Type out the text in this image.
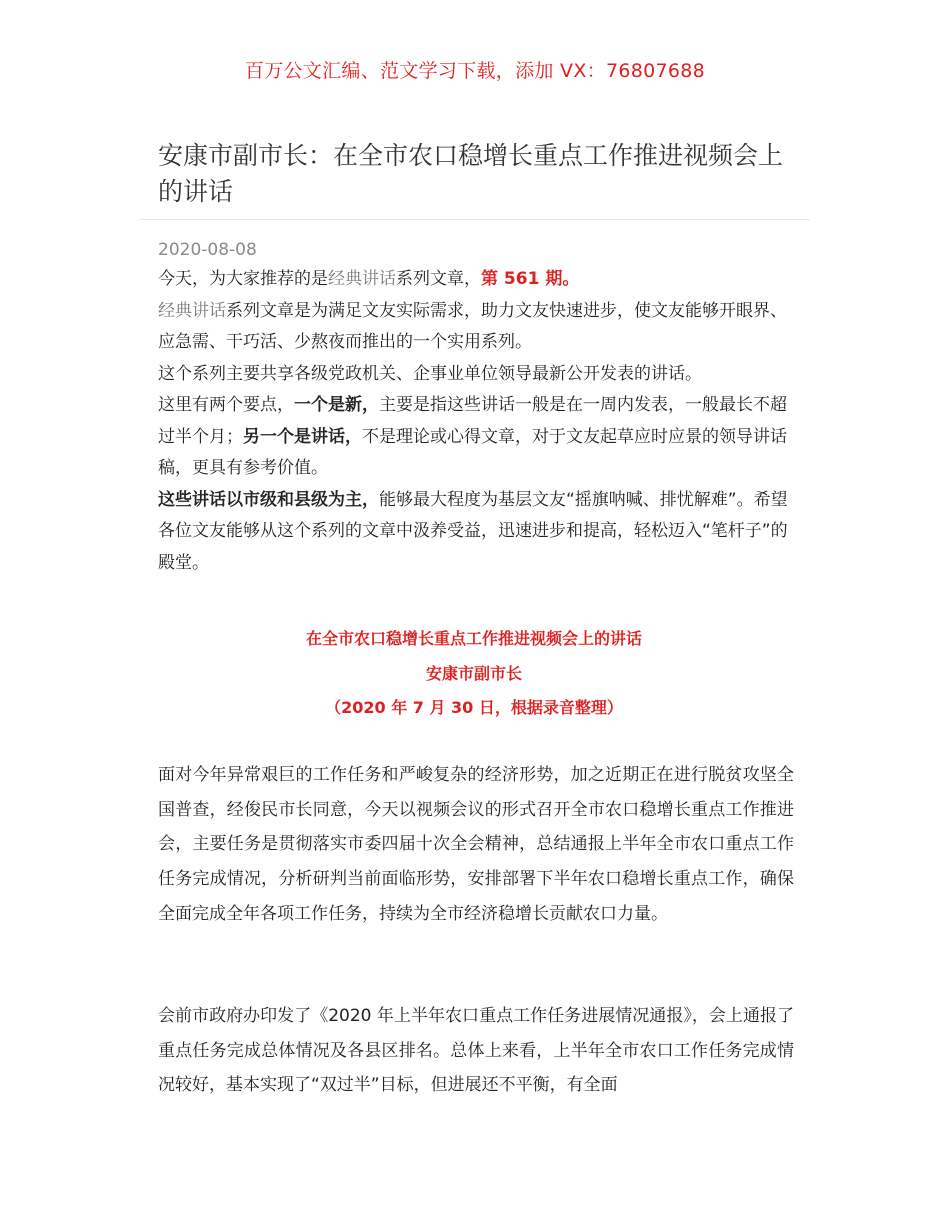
百万公文汇编、范文学习下载，添加 VX：76807688
安康市副市长：在全市农口稳增长重点工作推进视频会上的讲话
2020-08-08

今天，为大家推荐的是经典讲话系列文章，第 561 期。

经典讲话系列文章是为满足文友实际需求，助力文友快速进步，使文友能够开眼界、应急需、干巧活、少熬夜而推出的一个实用系列。

这个系列主要共享各级党政机关、企事业单位领导最新公开发表的讲话。

这里有两个要点，一个是新，主要是指这些讲话一般是在一周内发表，一般最长不超过半个月；另一个是讲话，不是理论或心得文章，对于文友起草应时应景的领导讲话稿，更具有参考价值。

这些讲话以市级和县级为主，能够最大程度为基层文友“摇旗呐喊、排忧解难”。希望各位文友能够从这个系列的文章中汲养受益，迅速进步和提高，轻松迈入“笔杆子”的殿堂。

在全市农口稳增长重点工作推进视频会上的讲话
安康市副市长
（2020 年 7 月 30 日，根据录音整理）

面对今年异常艰巨的工作任务和严峻复杂的经济形势，加之近期正在进行脱贫攻坚全国普查，经俊民市长同意，今天以视频会议的形式召开全市农口稳增长重点工作推进会，主要任务是贯彻落实市委四届十次全会精神，总结通报上半年全市农口重点工作任务完成情况，分析研判当前面临形势，安排部署下半年农口稳增长重点工作，确保全面完成全年各项工作任务，持续为全市经济稳增长贡献农口力量。

会前市政府办印发了《2020 年上半年农口重点工作任务进展情况通报》，会上通报了重点任务完成总体情况及各县区排名。总体上来看，上半年全市农口工作任务完成情况较好，基本实现了“双过半”目标，但进展还不平衡，有全面
